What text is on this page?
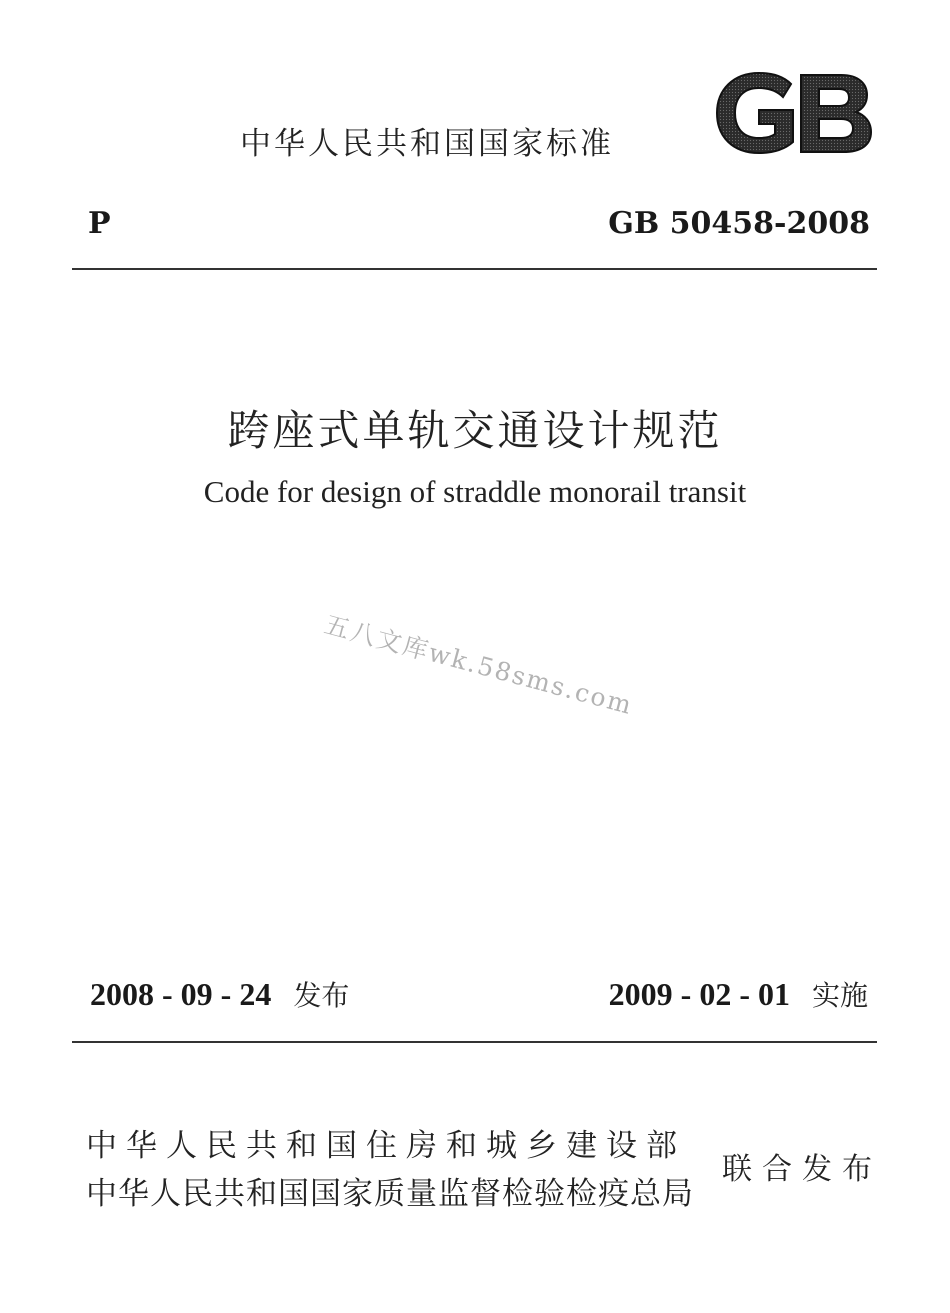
中华人民共和国国家标准
P	GB 50458-2008
跨座式单轨交通设计规范
Code for design of straddle monorail transit
五八文库wk.58sms.com
2008 - 09 - 24 发布	2009 - 02 - 01 实施
中华人民共和国住房和城乡建设部
中华人民共和国国家质量监督检验检疫总局
联合发布
